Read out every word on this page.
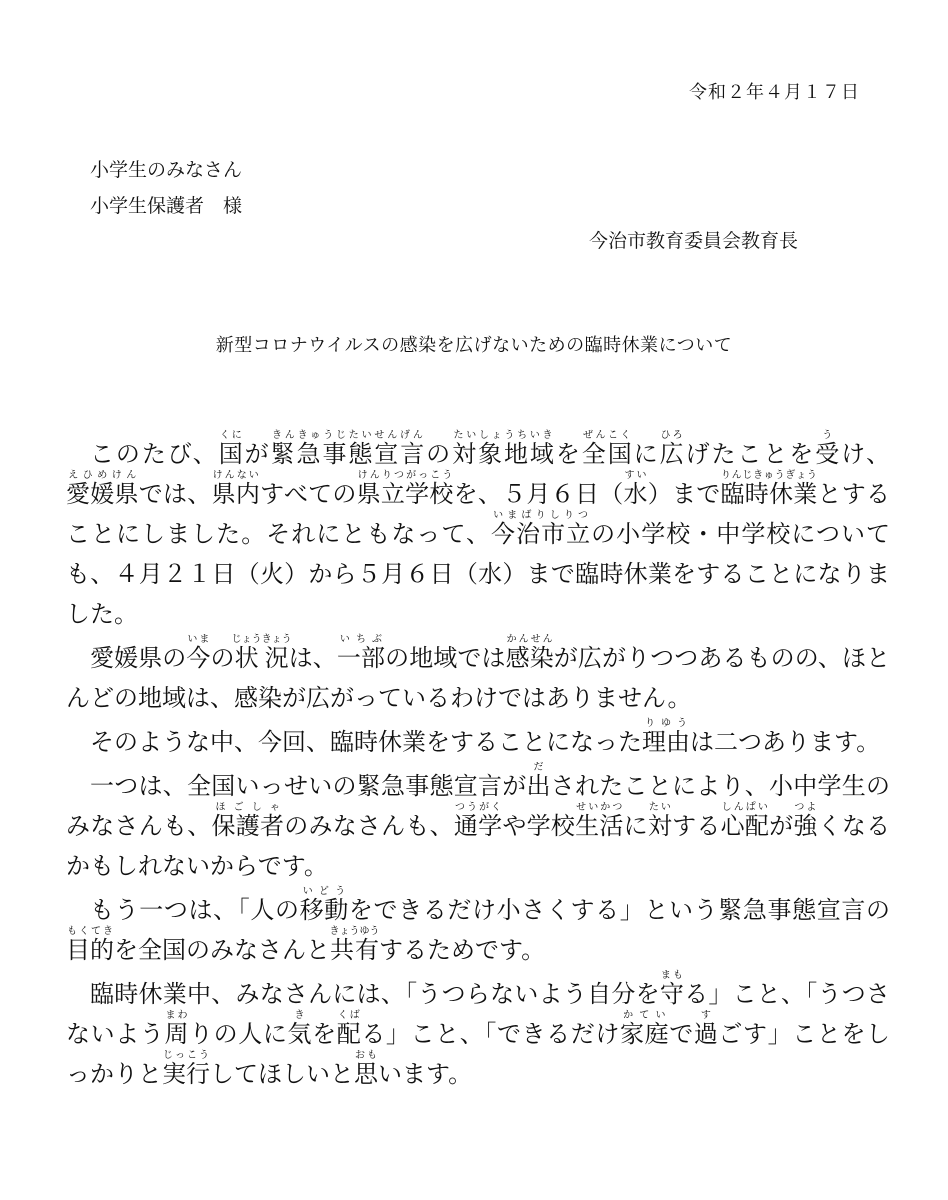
令和２年４月１７日
小学生のみなさん
小学生保護者　様
今治市教育委員会教育長
新型コロナウイルスの感染を広げないための臨時休業について

このたび、国くにが緊急事態宣言きんきゅうじたいせんげんの対象地域たいしょうちいきを全国ぜんこくに広ひろげたことを受うけ、愛媛県えひめけんでは、県内けんないすべての県立学校けんりつがっこうを、５月６日（水すい）まで臨時休業りんじきゅうぎょうとすることにしました。それにともなって、今治市立いまばりしりつの小学校・中学校についても、４月２１日（火）から５月６日（水）まで臨時休業をすることになりました。

愛媛県の今いまの状況じょうきょうは、一部いちぶの地域では感染かんせんが広がりつつあるものの、ほとんどの地域は、感染が広がっているわけではありません。

そのような中、今回、臨時休業をすることになった理由りゆうは二つあります。

一つは、全国いっせいの緊急事態宣言が出だされたことにより、小中学生のみなさんも、保護者ほごしゃのみなさんも、通学つうがくや学校生活せいかつに対たいする心配しんぱいが強つよくなるかもしれないからです。

もう一つは、「人の移動いどうをできるだけ小さくする」という緊急事態宣言の目的もくてきを全国のみなさんと共有きょうゆうするためです。

臨時休業中、みなさんには、「うつらないよう自分を守まもる」こと、「うつさないよう周まわりの人に気きを配くばる」こと、「できるだけ家庭かていで過すごす」ことをしっかりと実行じっこうしてほしいと思おもいます。
